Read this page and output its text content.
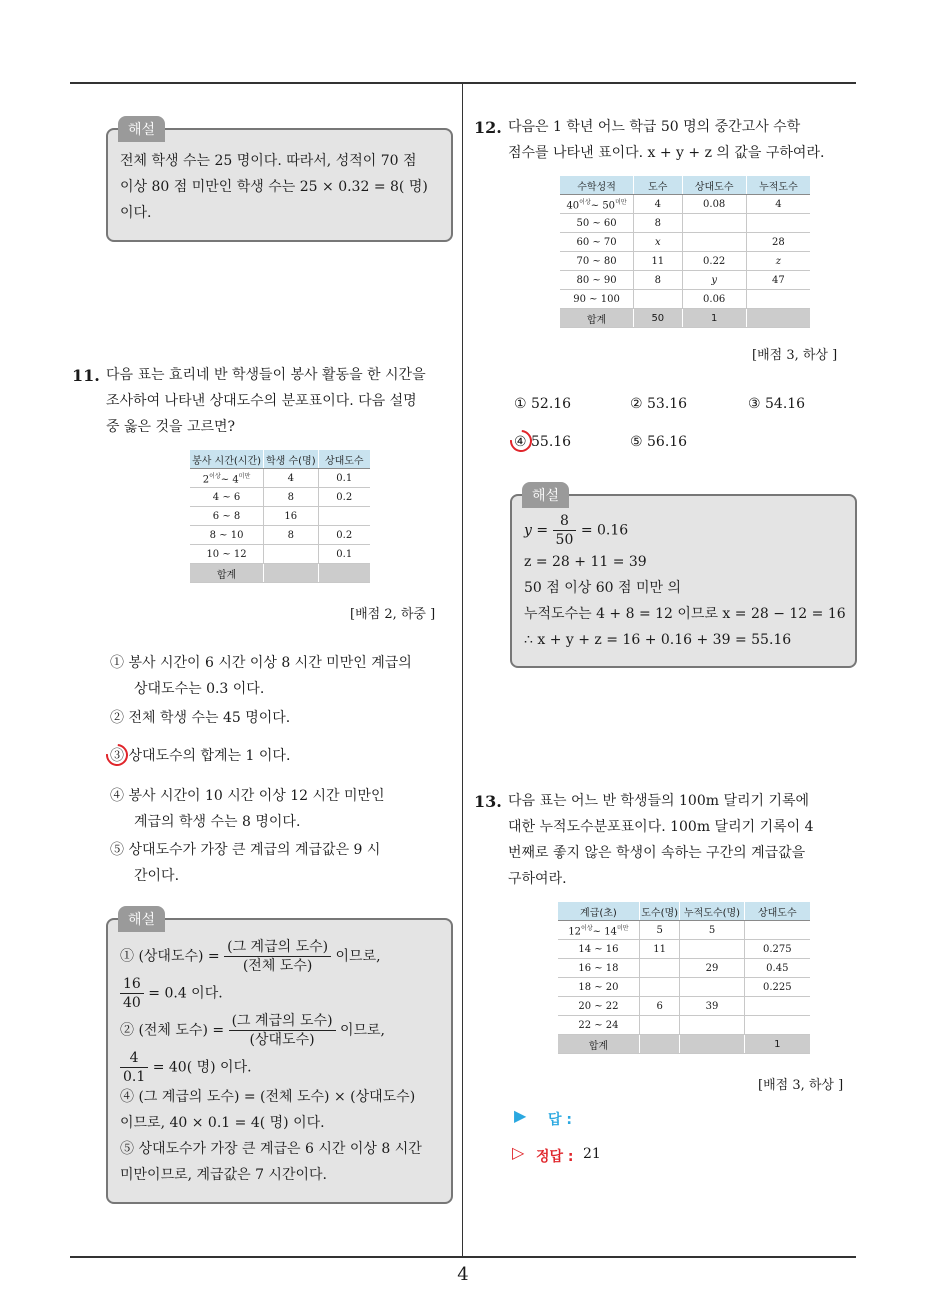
해설
전체 학생 수는 25 명이다. 따라서, 성적이 70 점
이상 80 점 미만인 학생 수는 25 × 0.32 = 8( 명)
이다.
11. 다음 표는 효리네 반 학생들이 봉사 활동을 한 시간을
조사하여 나타낸 상대도수의 분포표이다. 다음 설명
중 옳은 것을 고르면?
봉사 시간(시간)	학생 수(명)	상대도수
$2^{이상}\sim$ $4^{미만}$	4	0.1
4 ~ 6	8	0.2
6 ~ 8	16	
8 ~ 10	8	0.2
10 ~ 12		0.1
합계		
[배점 2, 하중 ]
① 봉사 시간이 6 시간 이상 8 시간 미만인 계급의
상대도수는 0.3 이다.
② 전체 학생 수는 45 명이다.
③ 상대도수의 합계는 1 이다.
④ 봉사 시간이 10 시간 이상 12 시간 미만인
계급의 학생 수는 8 명이다.
⑤ 상대도수가 가장 큰 계급의 계급값은 9 시
간이다.
해설
① (상대도수) = $\frac{\text{(그 계급의 도수)}}{\text{(전체 도수)}}$ 이므로,
$\frac{16}{40} = 0.4$ 이다.
② (전체 도수) = $\frac{\text{(그 계급의 도수)}}{\text{(상대도수)}}$ 이므로,
$\frac{4}{0.1} = 40$( 명) 이다.
④ (그 계급의 도수) = (전체 도수) × (상대도수)
이므로, 40 × 0.1 = 4( 명) 이다.
⑤ 상대도수가 가장 큰 계급은 6 시간 이상 8 시간
미만이므로, 계급값은 7 시간이다.
12. 다음은 1 학년 어느 학급 50 명의 중간고사 수학
점수를 나타낸 표이다. x + y + z 의 값을 구하여라.
수학성적	도수	상대도수	누적도수
$40^{이상}\sim$ $50^{미만}$	4	0.08	4
50 ~ 60	8		
60 ~ 70	x		28
70 ~ 80	11	0.22	z
80 ~ 90	8	y	47
90 ~ 100		0.06	
합계	50	1	
[배점 3, 하상 ]
① 52.16	② 53.16	③ 54.16
④ 55.16	⑤ 56.16
해설
$y = \frac{8}{50} = 0.16$
z = 28 + 11 = 39
50 점 이상 60 점 미만 의
누적도수는 4 + 8 = 12 이므로 x = 28 − 12 = 16
∴ x + y + z = 16 + 0.16 + 39 = 55.16
13. 다음 표는 어느 반 학생들의 100m 달리기 기록에
대한 누적도수분포표이다. 100m 달리기 기록이 4
번째로 좋지 않은 학생이 속하는 구간의 계급값을
구하여라.
계급(초)	도수(명)	누적도수(명)	상대도수
$12^{이상}\sim$ $14^{미만}$	5	5	
14 ~ 16	11		0.275
16 ~ 18		29	0.45
18 ~ 20			0.225
20 ~ 22	6	39	
22 ~ 24			
합계			1
[배점 3, 하상 ]
▶ 답 :
▷ 정답 : 21
4
